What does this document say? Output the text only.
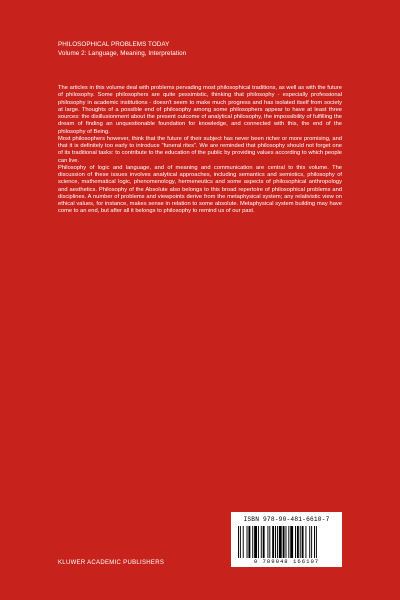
PHILOSOPHICAL PROBLEMS TODAY
Volume 2: Language, Meaning, Interpretation

The articles in this volume deal with problems pervading most philosophical traditions, as well as with the future of philosophy. Some philosophers are quite pessimistic, thinking that philosophy - especially professional philosophy in academic institutions - doesn't seem to make much progress and has isolated itself from society at large. Thoughts of a possible end of philosophy among some philosophers appear to have at least three sources: the disillusionment about the present outcome of analytical philosophy, the impossibility of fulfilling the dream of finding an unquestionable foundation for knowledge, and connected with this, the end of the philosophy of Being.

Most philosophers however, think that the future of their subject has never been richer or more promising, and that it is definitely too early to introduce “funeral rites”. We are reminded that philosophy should not forget one of its traditional tasks: to contribute to the education of the public by providing values according to which people can live.

Philosophy of logic and language, and of meaning and communication are central to this volume. The discussion of these issues involves analytical approaches, including semantics and semiotics, philosophy of science, mathematical logic, phenomenology, hermeneutics and some aspects of philosophical anthropology and aesthetics. Philosophy of the Absolute also belongs to this broad repertoire of philosophical problems and disciplines. A number of problems and viewpoints derive from the metaphysical system; any relativistic view on ethical values, for instance, makes sense in relation to some absolute. Metaphysical system building may have come to an end, but after all it belongs to philosophy to remind us of our past.

ISBN 978-90-481-6610-7
9 789048 166107
KLUWER ACADEMIC PUBLISHERS	PHIP 2
